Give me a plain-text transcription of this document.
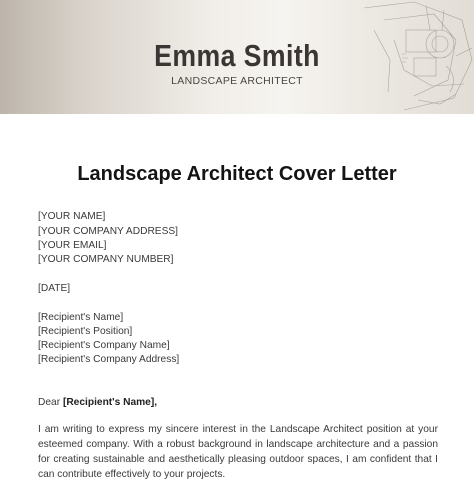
Emma Smith
LANDSCAPE ARCHITECT
Landscape Architect Cover Letter
[YOUR NAME]
[YOUR COMPANY ADDRESS]
[YOUR EMAIL]
[YOUR COMPANY NUMBER]
[DATE]
[Recipient's Name]
[Recipient's Position]
[Recipient's Company Name]
[Recipient's Company Address]
Dear [Recipient's Name],
I am writing to express my sincere interest in the Landscape Architect position at your
esteemed company. With a robust background in landscape architecture and a passion
for creating sustainable and aesthetically pleasing outdoor spaces, I am confident that I
can contribute effectively to your projects.
